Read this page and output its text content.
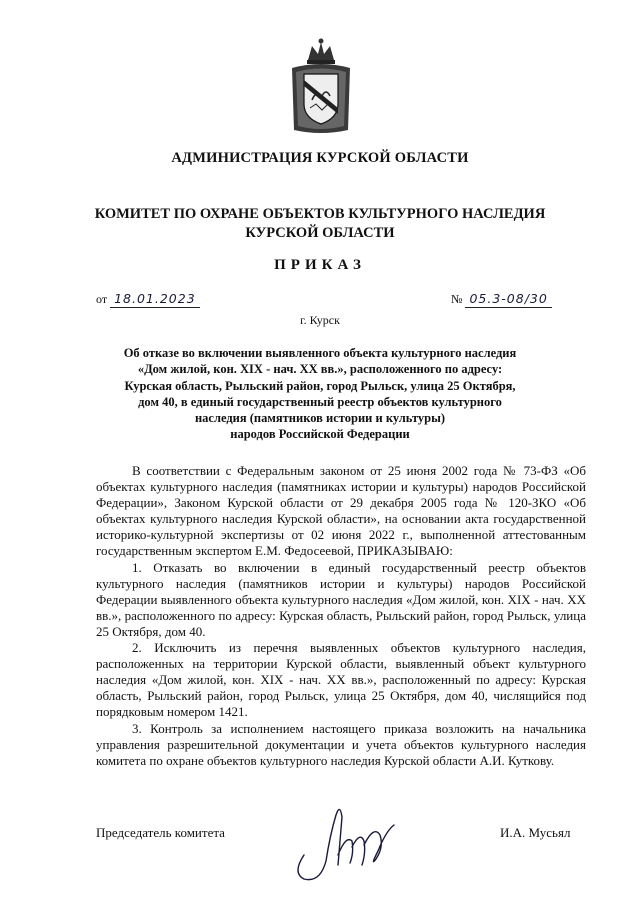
АДМИНИСТРАЦИЯ КУРСКОЙ ОБЛАСТИ
КОМИТЕТ ПО ОХРАНЕ ОБЪЕКТОВ КУЛЬТУРНОГО НАСЛЕДИЯ
КУРСКОЙ ОБЛАСТИ
ПРИКАЗ
от 18.01.2023	№ 05.3-08/30
г. Курск
Об отказе во включении выявленного объекта культурного наследия
«Дом жилой, кон. XIX - нач. XX вв.», расположенного по адресу:
Курская область, Рыльский район, город Рыльск, улица 25 Октября,
дом 40, в единый государственный реестр объектов культурного
наследия (памятников истории и культуры)
народов Российской Федерации

В соответствии с Федеральным законом от 25 июня 2002 года № 73-ФЗ «Об объектах культурного наследия (памятниках истории и культуры) народов Российской Федерации», Законом Курской области от 29 декабря 2005 года № 120-ЗКО «Об объектах культурного наследия Курской области», на основании акта государственной историко-культурной экспертизы от 02 июня 2022 г., выполненной аттестованным государственным экспертом Е.М. Федосеевой, ПРИКАЗЫВАЮ:

1. Отказать во включении в единый государственный реестр объектов культурного наследия (памятников истории и культуры) народов Российской Федерации выявленного объекта культурного наследия «Дом жилой, кон. XIX - нач. XX вв.», расположенного по адресу: Курская область, Рыльский район, город Рыльск, улица 25 Октября, дом 40.

2. Исключить из перечня выявленных объектов культурного наследия, расположенных на территории Курской области, выявленный объект культурного наследия «Дом жилой, кон. XIX - нач. XX вв.», расположенный по адресу: Курская область, Рыльский район, город Рыльск, улица 25 Октября, дом 40, числящийся под порядковым номером 1421.

3. Контроль за исполнением настоящего приказа возложить на начальника управления разрешительной документации и учета объектов культурного наследия комитета по охране объектов культурного наследия Курской области А.И. Куткову.

Председатель комитета	И.А. Мусьял
